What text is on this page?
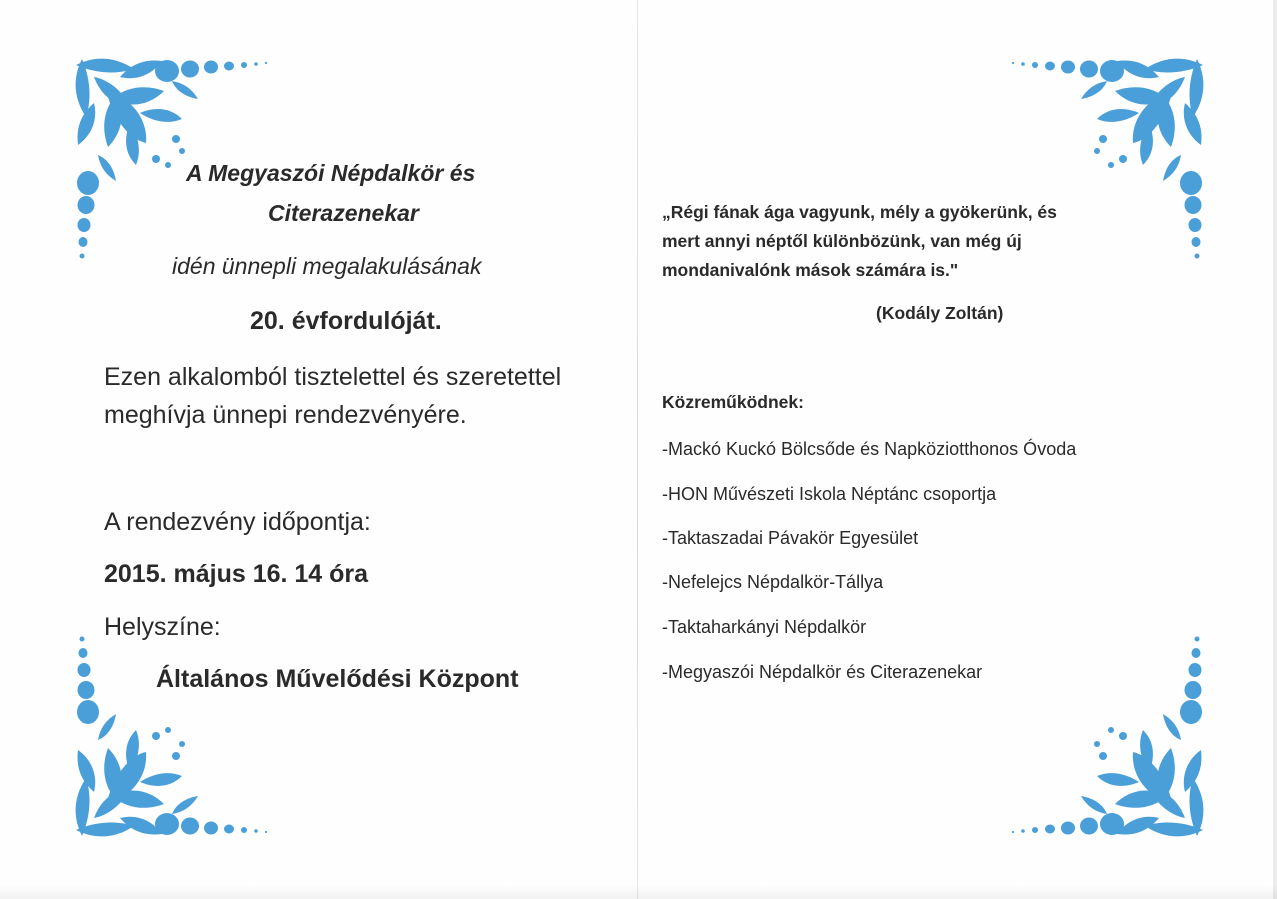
A Megyaszói Népdalkör és
Citerazenekar
idén ünnepli megalakulásának
20. évfordulóját.
Ezen alkalomból tisztelettel és szeretettel
meghívja ünnepi rendezvényére.
A rendezvény időpontja:
2015. május 16. 14 óra
Helyszíne:
Általános Művelődési Központ
„Régi fának ága vagyunk, mély a gyökerünk, és
mert annyi néptől különbözünk, van még új
mondanivalónk mások számára is."
(Kodály Zoltán)
Közreműködnek:
-Mackó Kuckó Bölcsőde és Napköziotthonos Óvoda
-HON Művészeti Iskola Néptánc csoportja
-Taktaszadai Pávakör Egyesület
-Nefelejcs Népdalkör-Tállya
-Taktaharkányi Népdalkör
-Megyaszói Népdalkör és Citerazenekar
